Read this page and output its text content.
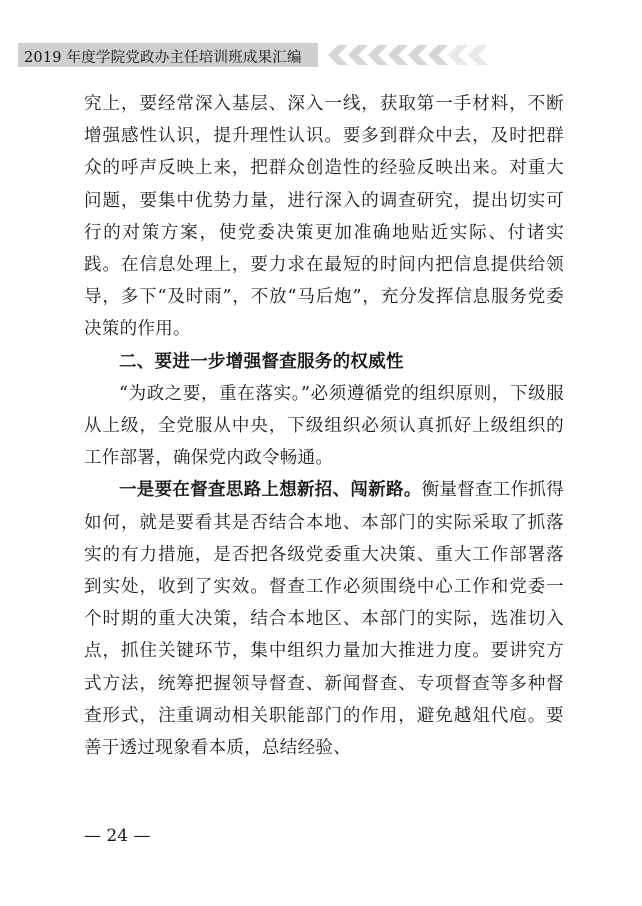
2019 年度学院党政办主任培训班成果汇编

究上，要经常深入基层、深入一线，获取第一手材料，不断增强感性认识，提升理性认识。要多到群众中去，及时把群众的呼声反映上来，把群众创造性的经验反映出来。对重大问题，要集中优势力量，进行深入的调查研究，提出切实可行的对策方案，使党委决策更加准确地贴近实际、付诸实践。在信息处理上，要力求在最短的时间内把信息提供给领导，多下“及时雨”，不放“马后炮”，充分发挥信息服务党委决策的作用。

二、要进一步增强督查服务的权威性

“为政之要，重在落实。”必须遵循党的组织原则，下级服从上级，全党服从中央，下级组织必须认真抓好上级组织的工作部署，确保党内政令畅通。

一是要在督查思路上想新招、闯新路。衡量督查工作抓得如何，就是要看其是否结合本地、本部门的实际采取了抓落实的有力措施，是否把各级党委重大决策、重大工作部署落到实处，收到了实效。督查工作必须围绕中心工作和党委一个时期的重大决策，结合本地区、本部门的实际，选准切入点，抓住关键环节，集中组织力量加大推进力度。要讲究方式方法，统筹把握领导督查、新闻督查、专项督查等多种督查形式，注重调动相关职能部门的作用，避免越俎代庖。要善于透过现象看本质，总结经验、

— 24 —
